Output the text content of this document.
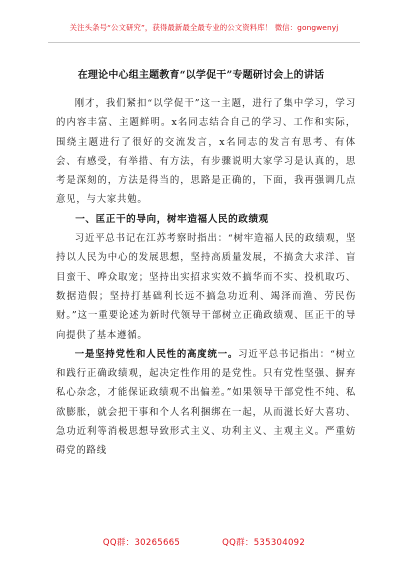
关注头条号“公文研究”，获得最新最全最专业的公文资料库！ 微信：gongwenyj
在理论中心组主题教育“以学促干”专题研讨会上的讲话

刚才，我们紧扣“以学促干”这一主题，进行了集中学习，学习的内容丰富、主题鲜明。x名同志结合自己的学习、工作和实际，围绕主题进行了很好的交流发言，x名同志的发言有思考、有体会、有感受，有举措、有方法，有步骤说明大家学习是认真的，思考是深刻的，方法是得当的，思路是正确的，下面，我再强调几点意见，与大家共勉。

一、匡正干的导向，树牢造福人民的政绩观

习近平总书记在江苏考察时指出：“树牢造福人民的政绩观，坚持以人民为中心的发展思想，坚持高质量发展，不搞贪大求洋、盲目蛮干、哗众取宠；坚持出实招求实效不搞华而不实、投机取巧、数据造假；坚持打基础利长远不搞急功近利、竭泽而渔、劳民伤财。”这一重要论述为新时代领导干部树立正确政绩观、匡正干的导向提供了基本遵循。

一是坚持党性和人民性的高度统一。习近平总书记指出：“树立和践行正确政绩观，起决定性作用的是党性。只有党性坚强、摒弃私心杂念，才能保证政绩观不出偏差。”如果领导干部党性不纯、私欲膨胀，就会把干事和个人名利捆绑在一起，从而滋长好大喜功、急功近利等消极思想导致形式主义、功利主义、主观主义。严重妨碍党的路线

QQ群：30265665	QQ群：535304092
